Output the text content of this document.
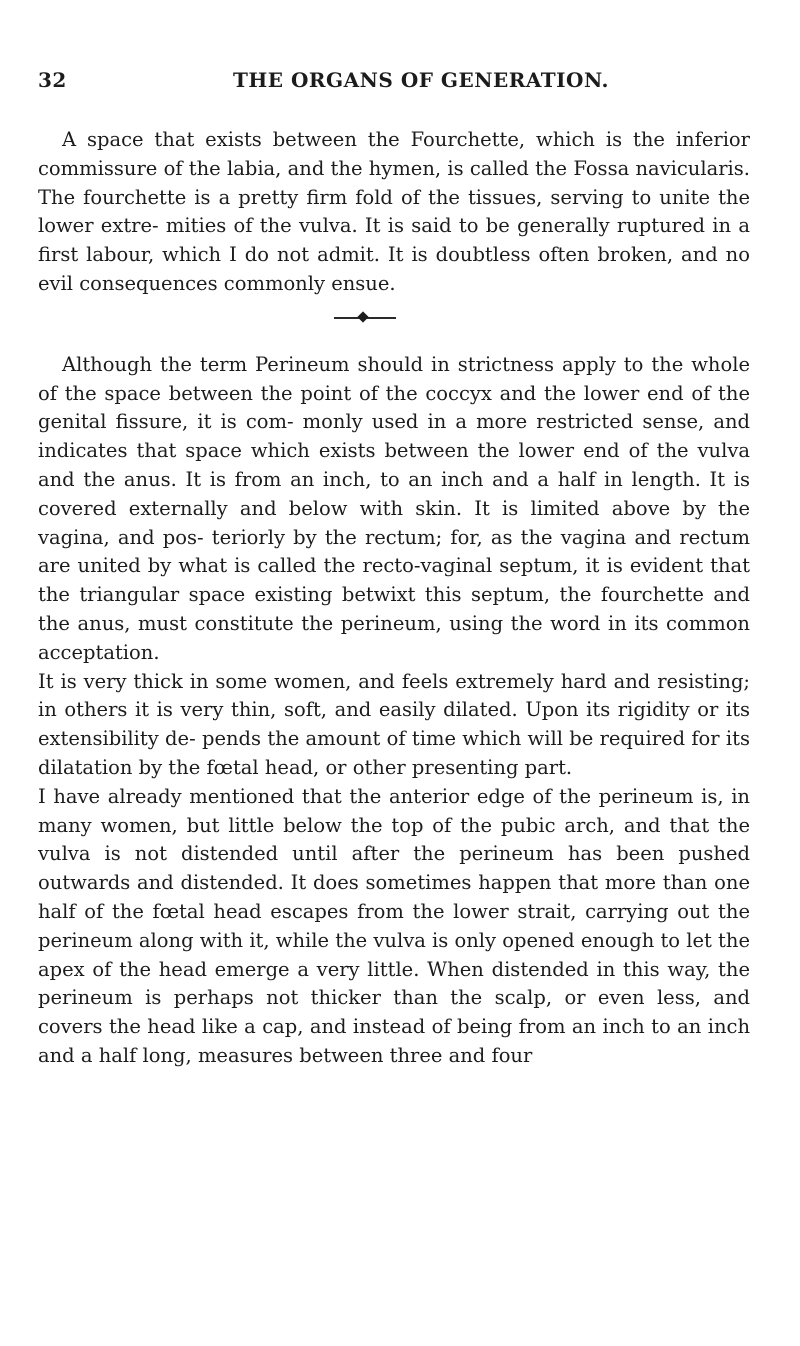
32	THE ORGANS OF GENERATION.

A space that exists between the Fourchette, which is the inferior commissure of the labia, and the hymen, is called the Fossa navicularis. The fourchette is a pretty firm fold of the tissues, serving to unite the lower extre- mities of the vulva. It is said to be generally ruptured in a first labour, which I do not admit. It is doubtless often broken, and no evil consequences commonly ensue.

Although the term Perineum should in strictness apply to the whole of the space between the point of the coccyx and the lower end of the genital fissure, it is com- monly used in a more restricted sense, and indicates that space which exists between the lower end of the vulva and the anus. It is from an inch, to an inch and a half in length. It is covered externally and below with skin. It is limited above by the vagina, and pos- teriorly by the rectum; for, as the vagina and rectum are united by what is called the recto-vaginal septum, it is evident that the triangular space existing betwixt this septum, the fourchette and the anus, must constitute the perineum, using the word in its common acceptation.

It is very thick in some women, and feels extremely hard and resisting; in others it is very thin, soft, and easily dilated. Upon its rigidity or its extensibility de- pends the amount of time which will be required for its dilatation by the fœtal head, or other presenting part.

I have already mentioned that the anterior edge of the perineum is, in many women, but little below the top of the pubic arch, and that the vulva is not distended until after the perineum has been pushed outwards and distended. It does sometimes happen that more than one half of the fœtal head escapes from the lower strait, carrying out the perineum along with it, while the vulva is only opened enough to let the apex of the head emerge a very little. When distended in this way, the perineum is perhaps not thicker than the scalp, or even less, and covers the head like a cap, and instead of being from an inch to an inch and a half long, measures between three and four
